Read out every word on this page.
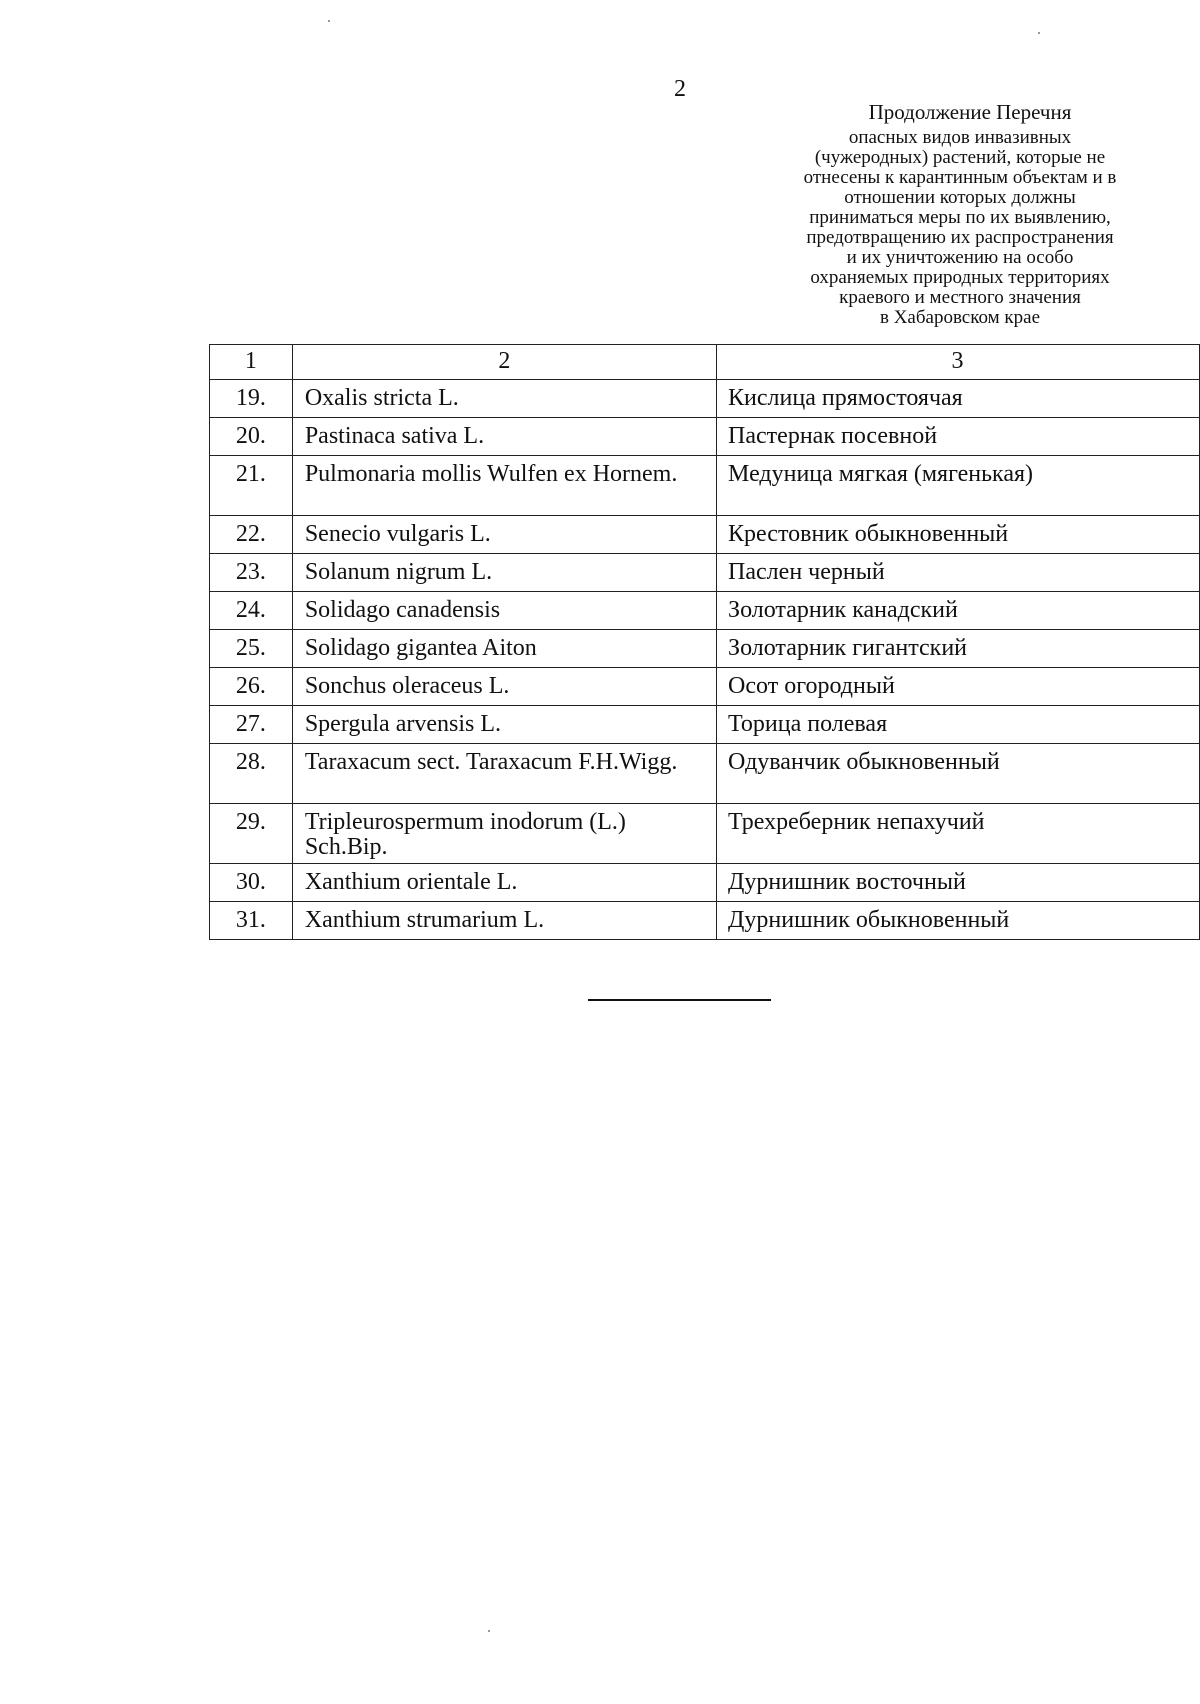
2
Продолжение Перечня
опасных видов инвазивных
(чужеродных) растений, которые не
отнесены к карантинным объектам и в
отношении которых должны
приниматься меры по их выявлению,
предотвращению их распространения
и их уничтожению на особо
охраняемых природных территориях
краевого и местного значения
в Хабаровском крае
1	2	3
19.	Oxalis stricta L.	Кислица прямостоячая
20.	Pastinaca sativa L.	Пастернак посевной
21.	Pulmonaria mollis Wulfen ex Hornem.	Медуница мягкая (мягенькая)
22.	Senecio vulgaris L.	Крестовник обыкновенный
23.	Solanum nigrum L.	Паслен черный
24.	Solidago canadensis	Золотарник канадский
25.	Solidago gigantea Aiton	Золотарник гигантский
26.	Sonchus oleraceus L.	Осот огородный
27.	Spergula arvensis L.	Торица полевая
28.	Taraxacum sect. Taraxacum F.H.Wigg.	Одуванчик обыкновенный
29.	Tripleurospermum inodorum (L.) Sch.Bip.	Трехреберник непахучий
30.	Xanthium orientale L.	Дурнишник восточный
31.	Xanthium strumarium L.	Дурнишник обыкновенный
